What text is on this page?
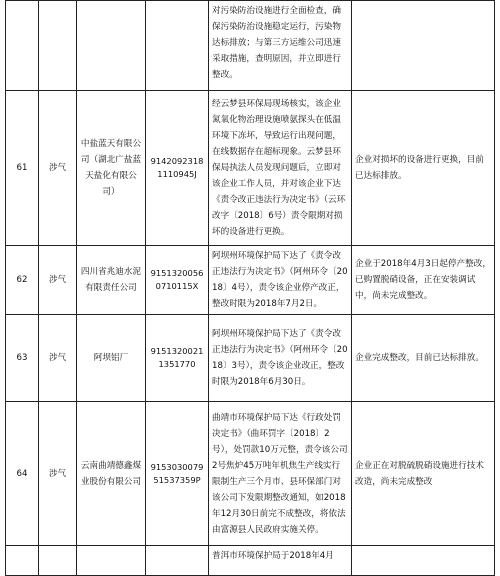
				对污染防治设施进行全面检查，确保污染防治设施稳定运行，污染物达标排放；与第三方运维公司迅速采取措施，查明原因，并立即进行整改。	
61	涉气	中盐蓝天有限公司（湖北广盐蓝天盐化有限公司）	91420923181110945J	经云梦县环保局现场核实，该企业氮氧化物治理设施喷氨探头在低温环境下冻坏，导致运行出现问题，在线数据存在超标现象。云梦县环保局执法人员发现问题后，立即对该企业工作人员，并对该企业下达《责令改正违法行为决定书》（云环改字〔2018〕6号）责令限期对损坏的设备进行更换。	企业对损坏的设备进行更换，目前已达标排放。
62	涉气	四川省兆迪水泥有限责任公司	91513200560710115X	阿坝州环境保护局下达了《责令改正违法行为决定书》（阿州环令〔2018〕4号），责令该企业停产改正，整改时限为2018年7月2日。	企业于2018年4月3日起停产整改，已购置脱硝设备，正在安装调试中，尚未完成整改。
63	涉气	阿坝铝厂	91513200211351770	阿坝州环境保护局下达了《责令改正违法行为决定书》（阿州环令〔2018〕3号），责令该企业改正，整改时限为2018年6月30日。	企业完成整改，目前已达标排放。
64	涉气	云南曲靖德鑫煤业股份有限公司	915303007951537359P	曲靖市环境保护局下达《行政处罚决定书》（曲环罚字〔2018〕2号），处罚款10万元整，责令该公司2号焦炉45万吨年机焦生产线实行限制生产三个月市、县环保部门对该公司下发限期整改通知，如2018年12月30日前完不成整改，将依法由富源县人民政府实施关停。	企业正在对脱硫脱硝设施进行技术改造，尚未完成整改
				普洱市环境保护局于2018年4月	
